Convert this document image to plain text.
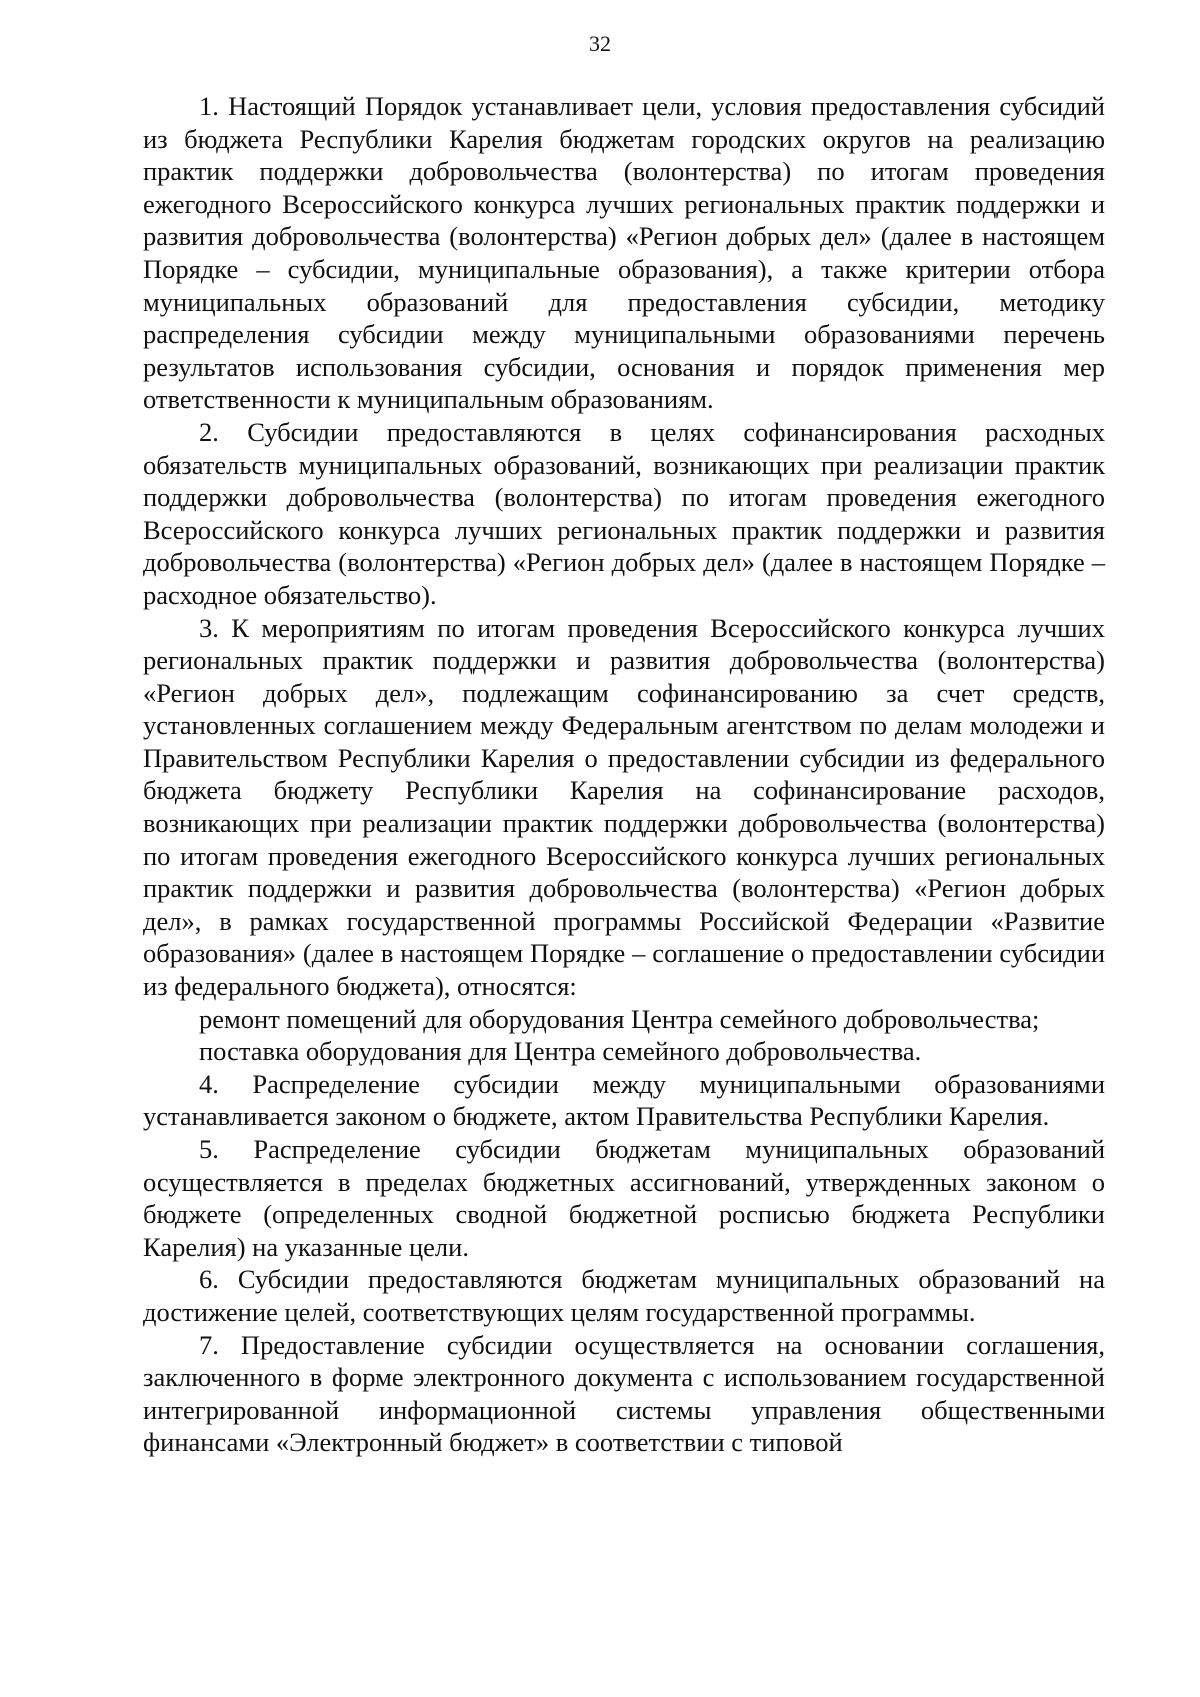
32

1. Настоящий Порядок устанавливает цели, условия предоставления субсидий из бюджета Республики Карелия бюджетам городских округов на реализацию практик поддержки добровольчества (волонтерства) по итогам проведения ежегодного Всероссийского конкурса лучших региональных практик поддержки и развития добровольчества (волонтерства) «Регион добрых дел» (далее в настоящем Порядке – субсидии, муниципальные образования), а также критерии отбора муниципальных образований для предоставления субсидии, методику распределения субсидии между муниципальными образованиями перечень результатов использования субсидии, основания и порядок применения мер ответственности к муниципальным образованиям.

2. Субсидии предоставляются в целях софинансирования расходных обязательств муниципальных образований, возникающих при реализации практик поддержки добровольчества (волонтерства) по итогам проведения ежегодного Всероссийского конкурса лучших региональных практик поддержки и развития добровольчества (волонтерства) «Регион добрых дел» (далее в настоящем Порядке – расходное обязательство).

3. К мероприятиям по итогам проведения Всероссийского конкурса лучших региональных практик поддержки и развития добровольчества (волонтерства) «Регион добрых дел», подлежащим софинансированию за счет средств, установленных соглашением между Федеральным агентством по делам молодежи и Правительством Республики Карелия о предоставлении субсидии из федерального бюджета бюджету Республики Карелия на софинансирование расходов, возникающих при реализации практик поддержки добровольчества (волонтерства) по итогам проведения ежегодного Всероссийского конкурса лучших региональных практик поддержки и развития добровольчества (волонтерства) «Регион добрых дел», в рамках государственной программы Российской Федерации «Развитие образования» (далее в настоящем Порядке – соглашение о предоставлении субсидии из федерального бюджета), относятся:

ремонт помещений для оборудования Центра семейного добровольчества;

поставка оборудования для Центра семейного добровольчества.

4. Распределение субсидии между муниципальными образованиями устанавливается законом о бюджете, актом Правительства Республики Карелия.

5. Распределение субсидии бюджетам муниципальных образований осуществляется в пределах бюджетных ассигнований, утвержденных законом о бюджете (определенных сводной бюджетной росписью бюджета Республики Карелия) на указанные цели.

6. Субсидии предоставляются бюджетам муниципальных образований на достижение целей, соответствующих целям государственной программы.

7. Предоставление субсидии осуществляется на основании соглашения, заключенного в форме электронного документа с использованием государственной интегрированной информационной системы управления общественными финансами «Электронный бюджет» в соответствии с типовой
